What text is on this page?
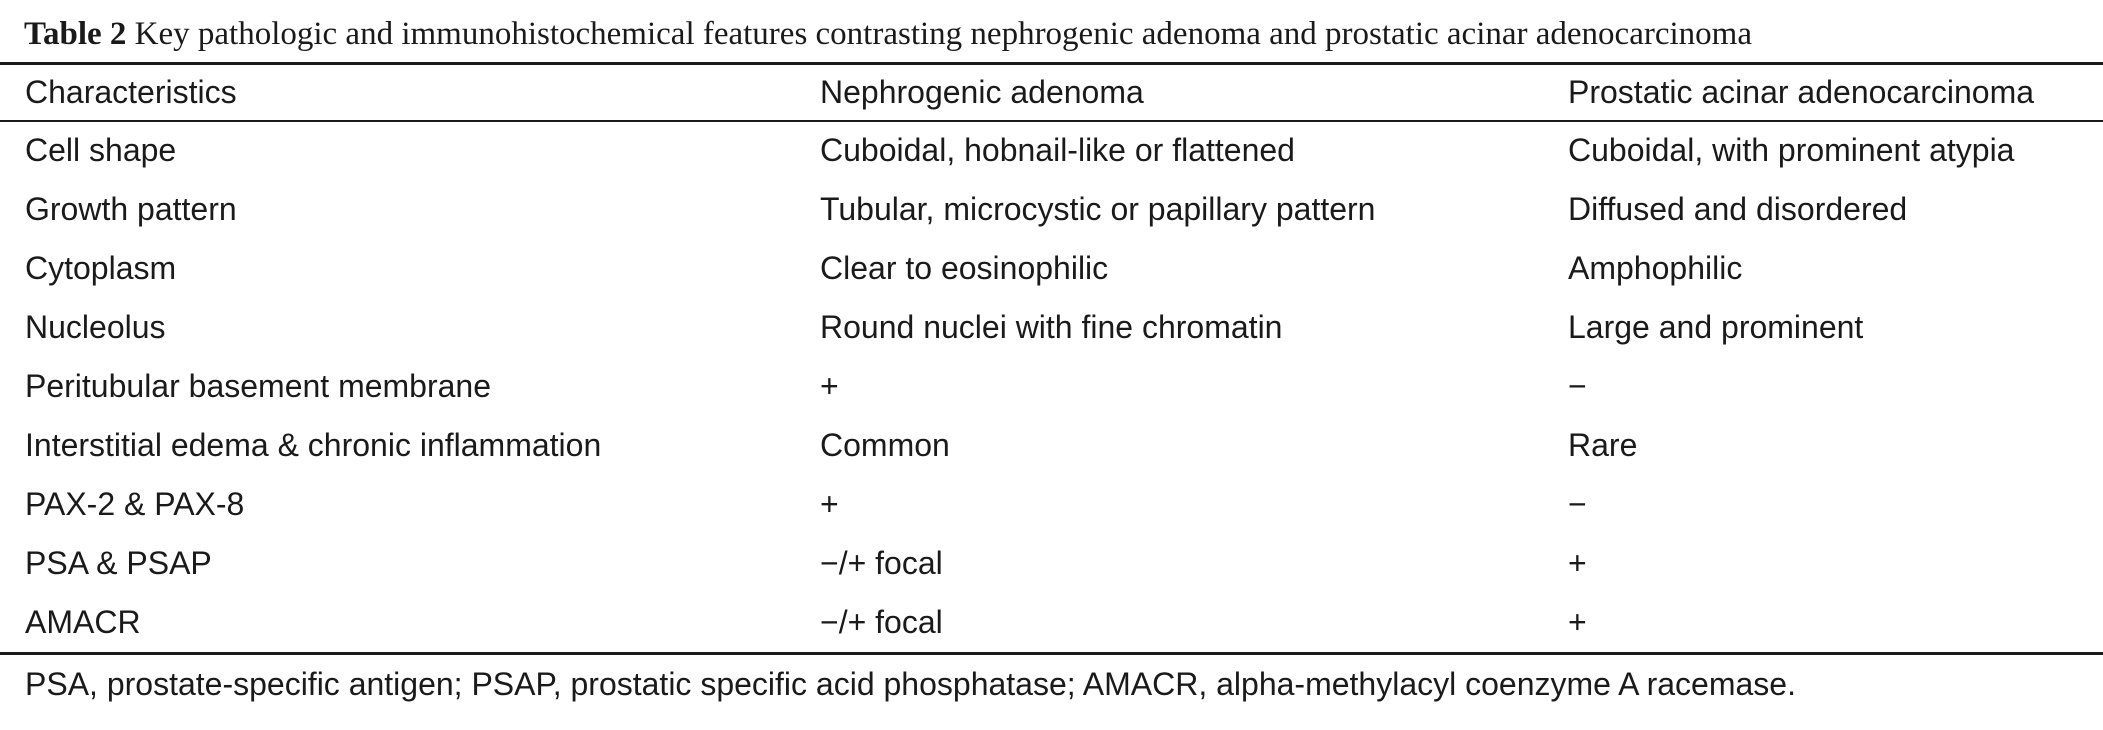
Table 2 Key pathologic and immunohistochemical features contrasting nephrogenic adenoma and prostatic acinar adenocarcinoma
Characteristics	Nephrogenic adenoma	Prostatic acinar adenocarcinoma
Cell shape	Cuboidal, hobnail-like or flattened	Cuboidal, with prominent atypia
Growth pattern	Tubular, microcystic or papillary pattern	Diffused and disordered
Cytoplasm	Clear to eosinophilic	Amphophilic
Nucleolus	Round nuclei with fine chromatin	Large and prominent
Peritubular basement membrane	+	−
Interstitial edema & chronic inflammation	Common	Rare
PAX-2 & PAX-8	+	−
PSA & PSAP	−/+ focal	+
AMACR	−/+ focal	+
PSA, prostate-specific antigen; PSAP, prostatic specific acid phosphatase; AMACR, alpha-methylacyl coenzyme A racemase.
